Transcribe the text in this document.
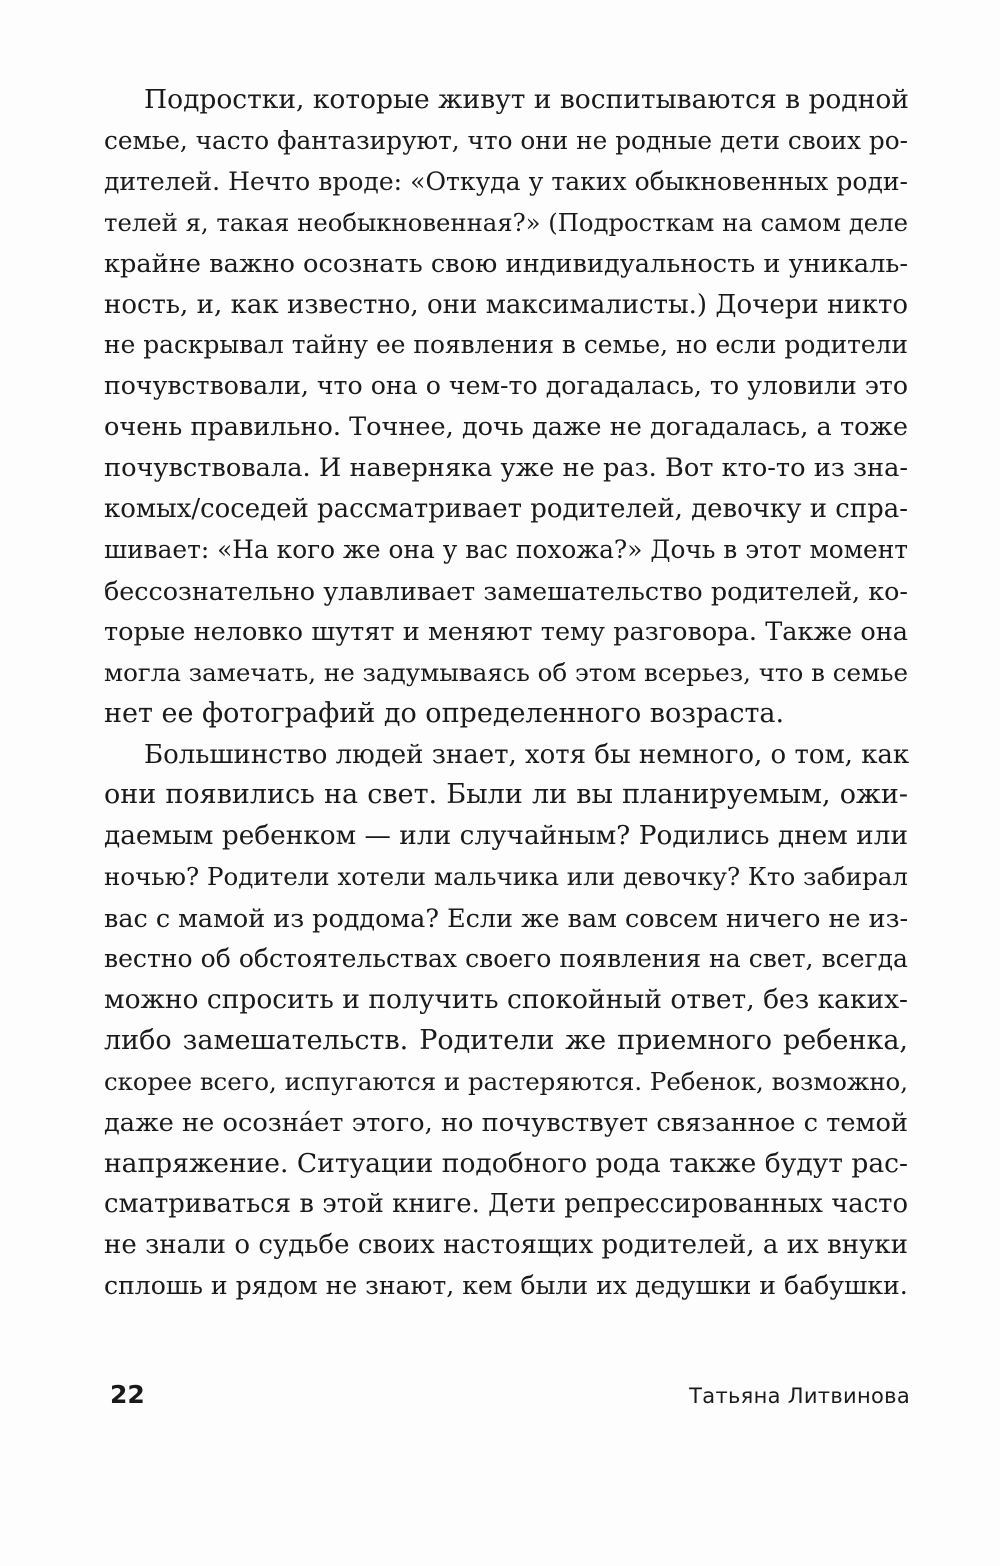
Подростки, которые живут и воспитываются в родной
семье, часто фантазируют, что они не родные дети своих ро-
дителей. Нечто вроде: «Откуда у таких обыкновенных роди-
телей я, такая необыкновенная?» (Подросткам на самом деле
крайне важно осознать свою индивидуальность и уникаль-
ность, и, как известно, они максималисты.) Дочери никто
не раскрывал тайну ее появления в семье, но если родители
почувствовали, что она о чем-то догадалась, то уловили это
очень правильно. Точнее, дочь даже не догадалась, а тоже
почувствовала. И наверняка уже не раз. Вот кто-то из зна-
комых/соседей рассматривает родителей, девочку и спра-
шивает: «На кого же она у вас похожа?» Дочь в этот момент
бессознательно улавливает замешательство родителей, ко-
торые неловко шутят и меняют тему разговора. Также она
могла замечать, не задумываясь об этом всерьез, что в семье
нет ее фотографий до определенного возраста.

Большинство людей знает, хотя бы немного, о том, как
они появились на свет. Были ли вы планируемым, ожи-
даемым ребенком — или случайным? Родились днем или
ночью? Родители хотели мальчика или девочку? Кто забирал
вас с мамой из роддома? Если же вам совсем ничего не из-
вестно об обстоятельствах своего появления на свет, всегда
можно спросить и получить спокойный ответ, без каких-
либо замешательств. Родители же приемного ребенка,
скорее всего, испугаются и растеряются. Ребенок, возможно,
даже не осознáет этого, но почувствует связанное с темой
напряжение. Ситуации подобного рода также будут рас-
сматриваться в этой книге. Дети репрессированных часто
не знали о судьбе своих настоящих родителей, а их внуки
сплошь и рядом не знают, кем были их дедушки и бабушки.

22	Татьяна Литвинова
